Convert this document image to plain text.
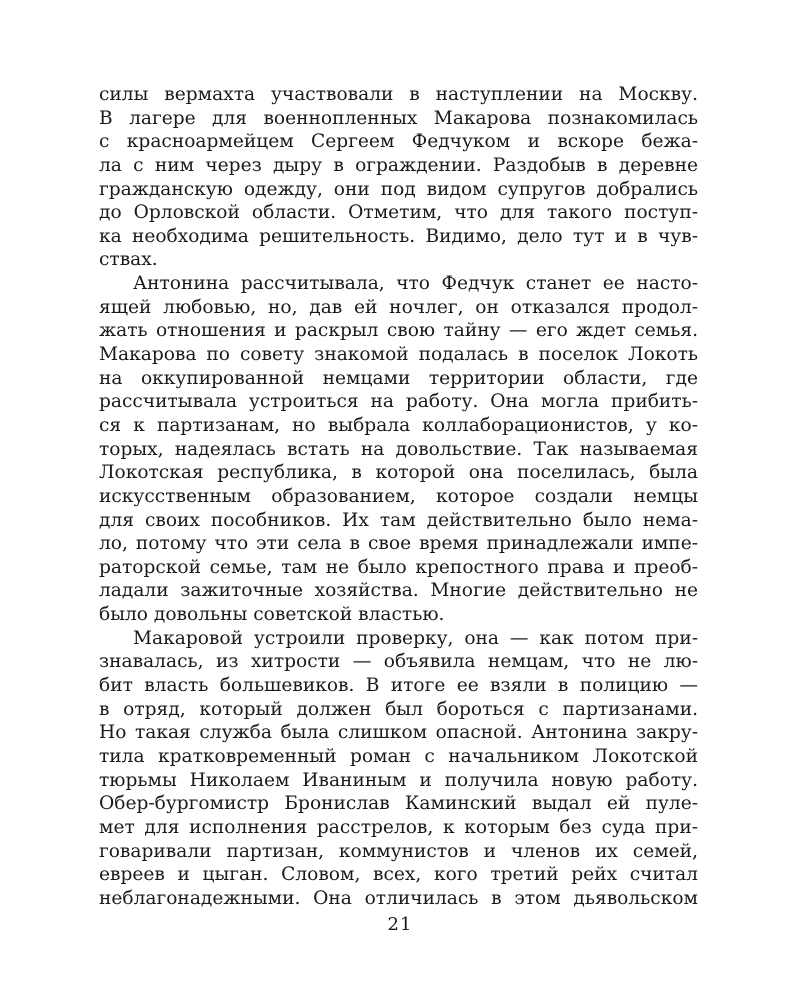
силы вермахта участвовали в наступлении на Москву.
В лагере для военнопленных Макарова познакомилась
с красноармейцем Сергеем Федчуком и вскоре бежа-
ла с ним через дыру в ограждении. Раздобыв в деревне
гражданскую одежду, они под видом супругов добрались
до Орловской области. Отметим, что для такого поступ-
ка необходима решительность. Видимо, дело тут и в чув-
ствах.
Антонина рассчитывала, что Федчук станет ее насто-
ящей любовью, но, дав ей ночлег, он отказался продол-
жать отношения и раскрыл свою тайну — его ждет семья.
Макарова по совету знакомой подалась в поселок Локоть
на оккупированной немцами территории области, где
рассчитывала устроиться на работу. Она могла прибить-
ся к партизанам, но выбрала коллаборационистов, у ко-
торых, надеялась встать на довольствие. Так называемая
Локотская республика, в которой она поселилась, была
искусственным образованием, которое создали немцы
для своих пособников. Их там действительно было нема-
ло, потому что эти села в свое время принадлежали импе-
раторской семье, там не было крепостного права и преоб-
ладали зажиточные хозяйства. Многие действительно не
было довольны советской властью.
Макаровой устроили проверку, она — как потом при-
знавалась, из хитрости — объявила немцам, что не лю-
бит власть большевиков. В итоге ее взяли в полицию —
в отряд, который должен был бороться с партизанами.
Но такая служба была слишком опасной. Антонина закру-
тила кратковременный роман с начальником Локотской
тюрьмы Николаем Иваниным и получила новую работу.
Обер-бургомистр Бронислав Каминский выдал ей пуле-
мет для исполнения расстрелов, к которым без суда при-
говаривали партизан, коммунистов и членов их семей,
евреев и цыган. Словом, всех, кого третий рейх считал
неблагонадежными. Она отличилась в этом дьявольском
21
